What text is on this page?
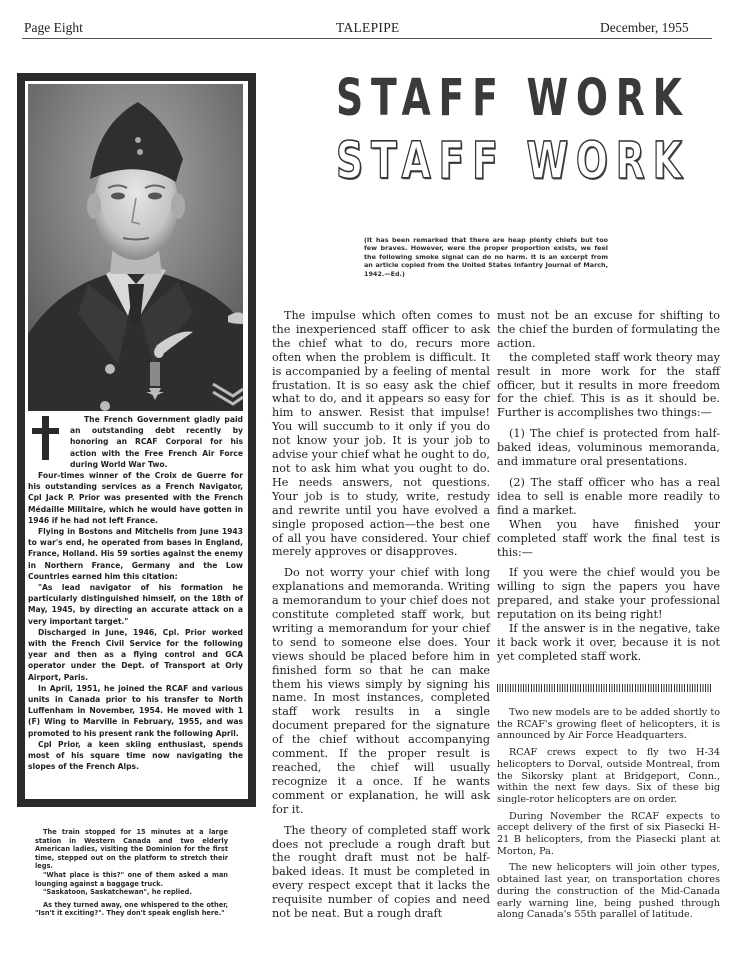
Page Eight	TALEPIPE	December, 1955

The French Government gladly paid an outstanding debt recently by honoring an RCAF Corporal for his action with the Free French Air Force during World War Two.

Four-times winner of the Croix de Guerre for his outstanding services as a French Navigator, Cpl Jack P. Prior was presented with the French Médaille Militaire, which he would have gotten in 1946 if he had not left France.

Flying in Bostons and Mitchells from June 1943 to war's end, he operated from bases in England, France, Holland. His 59 sorties against the enemy in Northern France, Germany and the Low Countries earned him this citation:

"As lead navigator of his formation he particularly distinguished himself, on the 18th of May, 1945, by directing an accurate attack on a very important target."

Discharged in June, 1946, Cpl. Prior worked with the French Civil Service for the following year and then as a flying control and GCA operator under the Dept. of Transport at Orly Airport, Paris.

In April, 1951, he joined the RCAF and various units in Canada prior to his transfer to North Luffenham in November, 1954. He moved with 1 (F) Wing to Marville in February, 1955, and was promoted to his present rank the following April.

Cpl Prior, a keen skiing enthusiast, spends most of his square time now navigating the slopes of the French Alps.

The train stopped for 15 minutes at a large station in Western Canada and two elderly American ladies, visiting the Dominion for the first time, stepped out on the platform to stretch their legs.

"What place is this?" one of them asked a man lounging against a baggage truck.

"Saskatoon, Saskatchewan", he replied.

As they turned away, one whispered to the other, "Isn't it exciting?". They don't speak english here."

STAFF WORK
STAFF WORK
(It has been remarked that there are heap plenty chiefs but too few braves. However, were the proper proportion exists, we feel the following smoke signal can do no harm. It is an excerpt from an article copied from the United States Infantry Journal of March, 1942.—Ed.)

The impulse which often comes to the inexperienced staff officer to ask the chief what to do, recurs more often when the problem is difficult. It is accompanied by a feeling of mental frustation. It is so easy ask the chief what to do, and it appears so easy for him to answer. Resist that impulse! You will succumb to it only if you do not know your job. It is your job to advise your chief what he ought to do, not to ask him what you ought to do. He needs answers, not questions. Your job is to study, write, restudy and rewrite until you have evolved a single proposed action—the best one of all you have considered. Your chief merely approves or disapproves.

Do not worry your chief with long explanations and memoranda. Writing a memorandum to your chief does not constitute completed staff work, but writing a memorandum for your chief to send to someone else does. Your views should be placed before him in finished form so that he can make them his views simply by signing his name. In most instances, completed staff work results in a single document prepared for the signature of the chief without accompanying comment. If the proper result is reached, the chief will usually recognize it a once. If he wants comment or explanation, he will ask for it.

The theory of completed staff work does not preclude a rough draft but the rought draft must not be half-baked ideas. It must be completed in every respect except that it lacks the requisite number of copies and need not be neat. But a rough draft

must not be an excuse for shifting to the chief the burden of formulating the action.

the completed staff work theory may result in more work for the staff officer, but it results in more freedom for the chief. This is as it should be. Further is accomplishes two things:—

(1) The chief is protected from half-baked ideas, voluminous memoranda, and immature oral presentations.

(2) The staff officer who has a real idea to sell is enable more readily to find a market.

When you have finished your completed staff work the final test is this:—

If you were the chief would you be willing to sign the papers you have prepared, and stake your professional reputation on its being right!

If the answer is in the negative, take it back work it over, because it is not yet completed staff work.

Two new models are to be added shortly to the RCAF's growing fleet of helicopters, it is announced by Air Force Headquarters.

RCAF crews expect to fly two H-34 helicopters to Dorval, outside Montreal, from the Sikorsky plant at Bridgeport, Conn., within the next few days. Six of these big single-rotor helicopters are on order.

During November the RCAF expects to accept delivery of the first of six Piasecki H-21 B helicopters, from the Piasecki plant at Morton, Pa.

The new helicopters will join other types, obtained last year, on transportation chores during the construction of the Mid-Canada early warning line, being pushed through along Canada's 55th parallel of latitude.
